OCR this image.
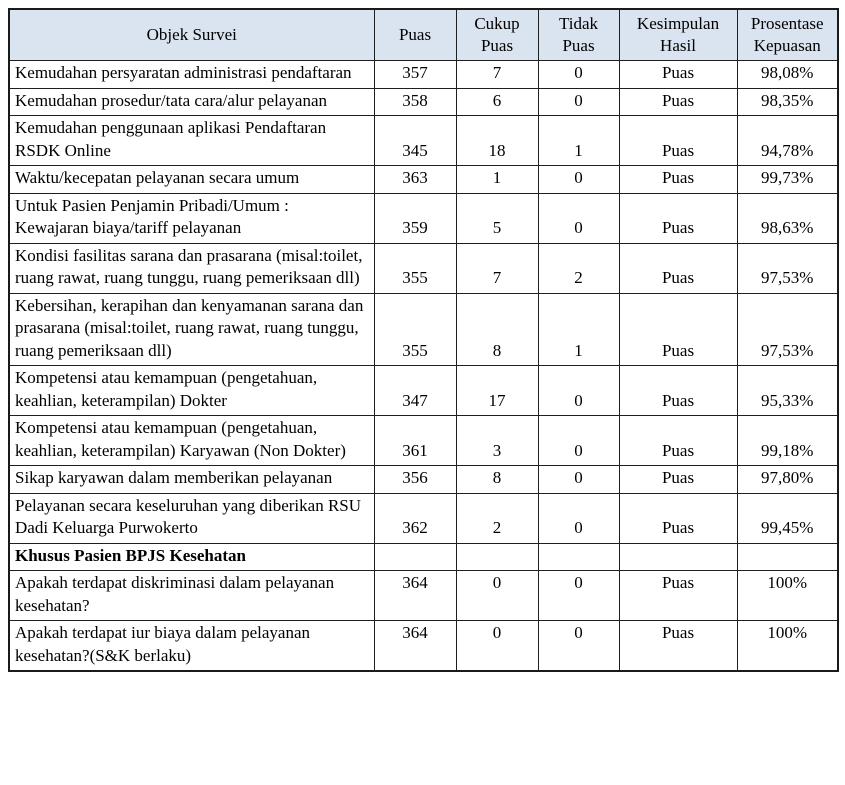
Objek Survei	Puas	Cukup Puas	Tidak Puas	Kesimpulan Hasil	Prosentase Kepuasan
Kemudahan persyaratan administrasi pendaftaran	357	7	0	Puas	98,08%
Kemudahan prosedur/tata cara/alur pelayanan	358	6	0	Puas	98,35%
Kemudahan penggunaan aplikasi Pendaftaran RSDK Online	345	18	1	Puas	94,78%
Waktu/kecepatan pelayanan secara umum	363	1	0	Puas	99,73%
Untuk Pasien Penjamin Pribadi/Umum : Kewajaran biaya/tariff pelayanan	359	5	0	Puas	98,63%
Kondisi fasilitas sarana dan prasarana (misal:toilet, ruang rawat, ruang tunggu, ruang pemeriksaan dll)	355	7	2	Puas	97,53%
Kebersihan, kerapihan dan kenyamanan sarana dan prasarana (misal:toilet, ruang rawat, ruang tunggu, ruang pemeriksaan dll)	355	8	1	Puas	97,53%
Kompetensi atau kemampuan (pengetahuan, keahlian, keterampilan) Dokter	347	17	0	Puas	95,33%
Kompetensi atau kemampuan (pengetahuan, keahlian, keterampilan) Karyawan (Non Dokter)	361	3	0	Puas	99,18%
Sikap karyawan dalam memberikan pelayanan	356	8	0	Puas	97,80%
Pelayanan secara keseluruhan yang diberikan RSU Dadi Keluarga Purwokerto	362	2	0	Puas	99,45%
Khusus Pasien BPJS Kesehatan					
Apakah terdapat diskriminasi dalam pelayanan kesehatan?	364	0	0	Puas	100%
Apakah terdapat iur biaya dalam pelayanan kesehatan?(S&K berlaku)	364	0	0	Puas	100%
